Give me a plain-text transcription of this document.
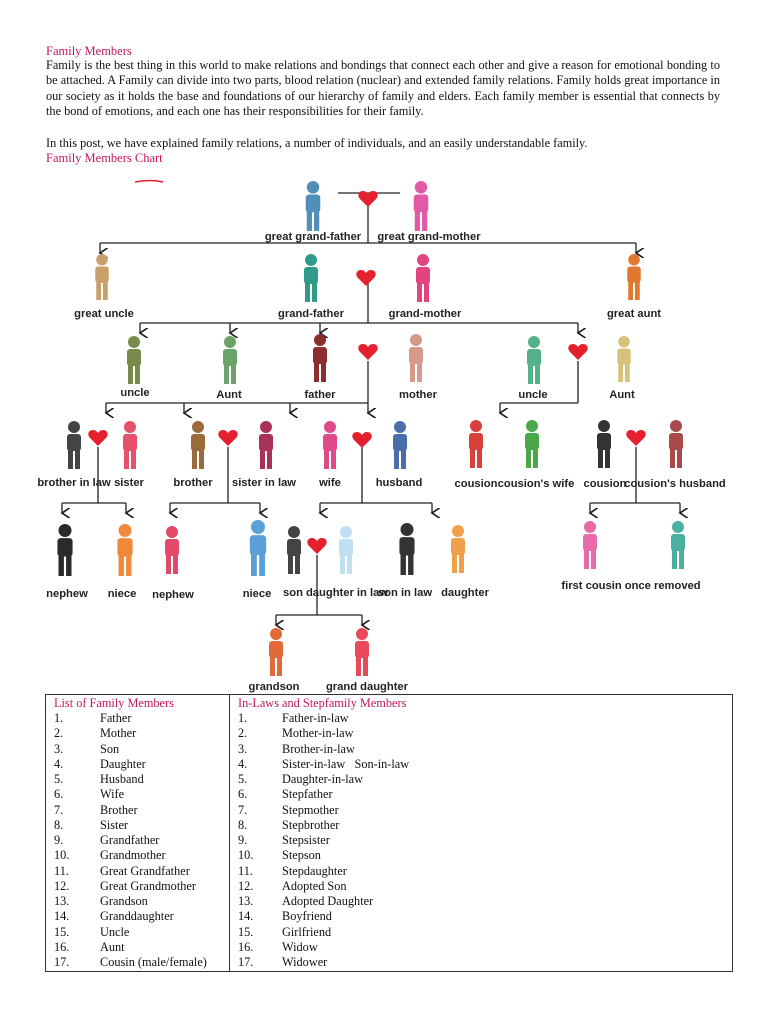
Family Members

Family is the best thing in this world to make relations and bondings that connect each other and give a reason for emotional bonding to be attached. A Family can divide into two parts, blood relation (nuclear) and extended family relations. Family holds great importance in our society as it holds the base and foundations of our hierarchy of family and elders. Each family member is essential that connects by the bond of emotions, and each one has their responsibilities for their family.

In this post, we have explained family relations, a number of individuals, and an easily understandable family.

Family Members Chart
great grand-father great grand-mother
great uncle	grand-father	grand-mother	great aunt
uncle	Aunt	father	mother	uncle	Aunt
brother in law sister	brother sister in law wife	husband	cousion cousion's wife cousion
cousion's husband
nephew niece nephew	niece son daughter in law
son in law daughter
first cousin once removed
grandson grand daughter
List of Family Members
1.	Father
2.	Mother
3.	Son
4.	Daughter
5.	Husband
6.	Wife
7.	Brother
8.	Sister
9.	Grandfather
10. Grandmother
11.	Great Grandfather
12. Great Grandmother
13. Grandson
14. Granddaughter
15. Uncle
16. Aunt
17. Cousin (male/female)

In-Laws and Stepfamily Members
1.	Father-in-law
2.	Mother-in-law
3.	Brother-in-law
4.	Sister-in-law   Son-in-law
5.	Daughter-in-law
6.	Stepfather
7.	Stepmother
8.	Stepbrother
9.	Stepsister
10. Stepson
11. Stepdaughter
12. Adopted Son
13. Adopted Daughter
14. Boyfriend
15. Girlfriend
16. Widow
17. Widower
